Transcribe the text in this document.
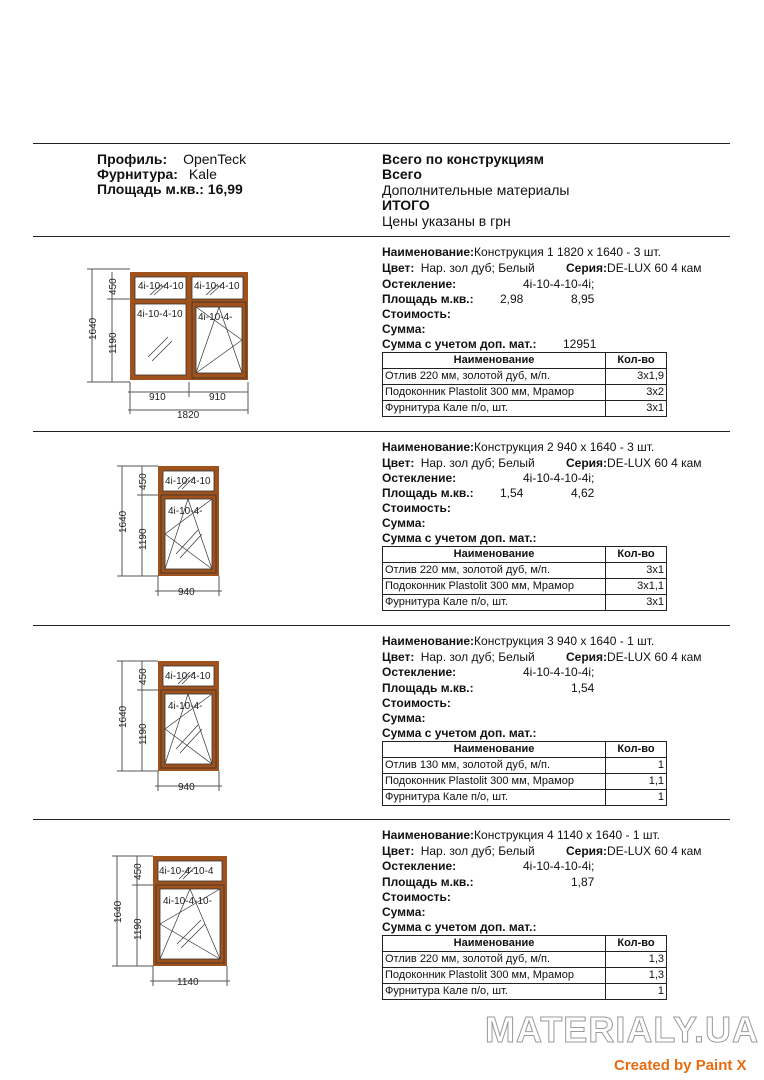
Профиль: OpenTeck
Фурнитура: Kale
Площадь м.кв.: 16,99
Всего по конструкциям
Всего
Дополнительные материалы
ИТОГО
Цены указаны в грн
4i-10-4-10 4i-10-4-10
4i-10-4-10 4i-10-4-
1640
450
1190
910	910
1820
Наименование:Конструкция 1 1820 x 1640 - 3 шт.
Цвет: Нар. зол дуб; Белый	Серия:DE-LUX 60 4 кам
Остекление:	4i-10-4-10-4i;
Площадь м.кв.: 2,98	8,95
Стоимость:
Сумма:
Сумма с учетом доп. мат.: 12951
Наименование	Кол-во
Отлив 220 мм, золотой дуб, м/п.	3x1,9
Подоконник Plastolit 300 мм, Мрамор	3x2
Фурнитура Кале п/о, шт.	3x1
4i-10-4-10
4i-10-4-
1640
450
1190
940
Наименование:Конструкция 2 940 x 1640 - 3 шт.
Цвет: Нар. зол дуб; Белый	Серия:DE-LUX 60 4 кам
Остекление:	4i-10-4-10-4i;
Площадь м.кв.: 1,54	4,62
Стоимость:
Сумма:
Сумма с учетом доп. мат.:
Наименование	Кол-во
Отлив 220 мм, золотой дуб, м/п.	3x1
Подоконник Plastolit 300 мм, Мрамор	3x1,1
Фурнитура Кале п/о, шт.	3x1
4i-10-4-10
4i-10-4-
1640
450
1190
940
Наименование:Конструкция 3 940 x 1640 - 1 шт.
Цвет: Нар. зол дуб; Белый	Серия:DE-LUX 60 4 кам
Остекление:	4i-10-4-10-4i;
Площадь м.кв.:	1,54
Стоимость:
Сумма:
Сумма с учетом доп. мат.:
Наименование	Кол-во
Отлив 130 мм, золотой дуб, м/п.	1
Подоконник Plastolit 300 мм, Мрамор	1,1
Фурнитура Кале п/о, шт.	1
4i-10-4-10-4
4i-10-4-10-
1640
450
1190
1140
Наименование:Конструкция 4 1140 x 1640 - 1 шт.
Цвет: Нар. зол дуб; Белый	Серия:DE-LUX 60 4 кам
Остекление:	4i-10-4-10-4i;
Площадь м.кв.:	1,87
Стоимость:
Сумма:
Сумма с учетом доп. мат.:
Наименование	Кол-во
Отлив 220 мм, золотой дуб, м/п.	1,3
Подоконник Plastolit 300 мм, Мрамор	1,3
Фурнитура Кале п/о, шт.	1
MATERIALY.UA
Created by Paint X
